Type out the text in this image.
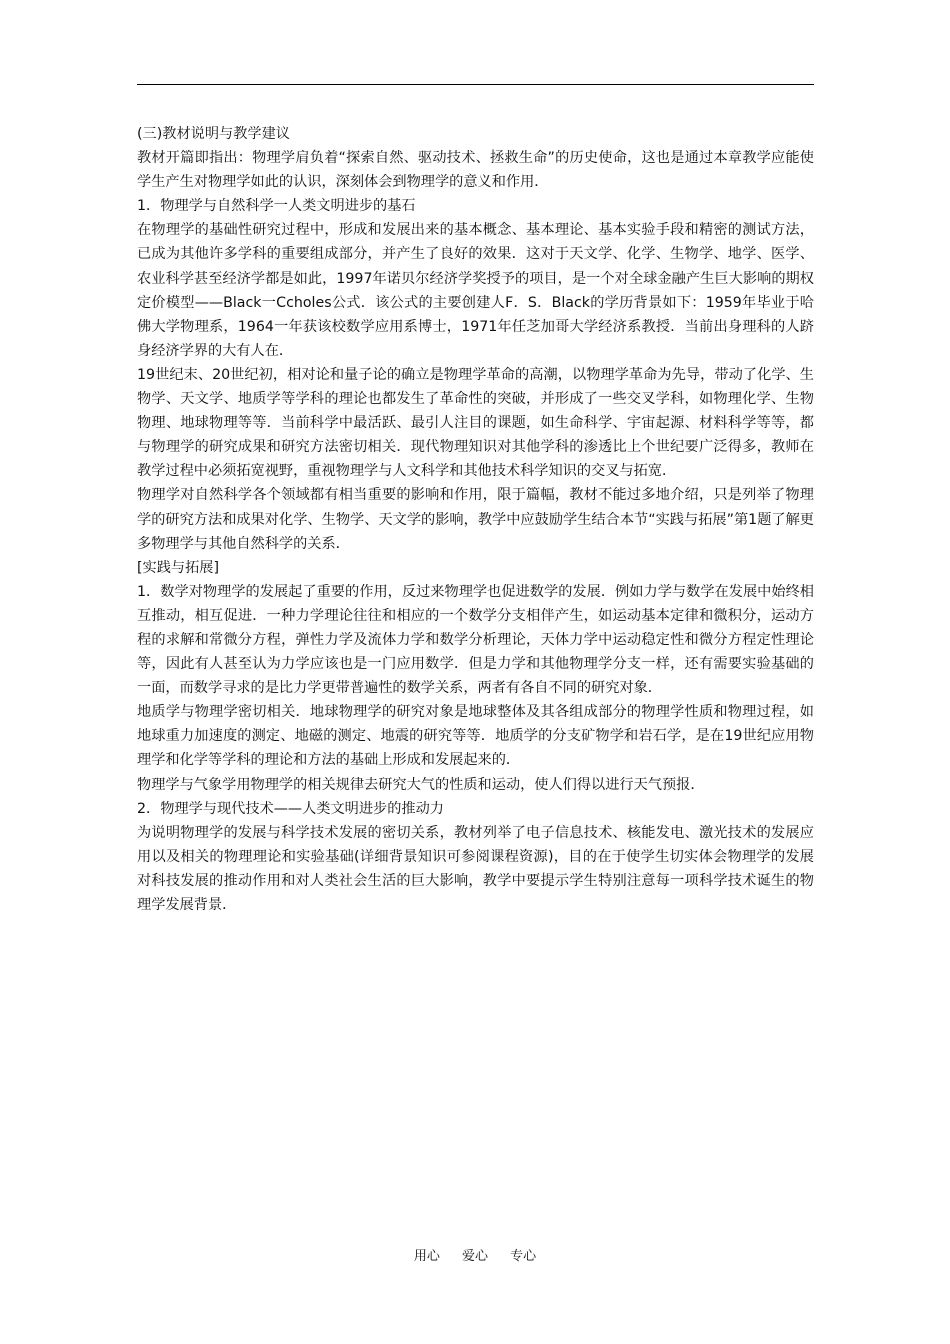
(三)教材说明与教学建议

教材开篇即指出：物理学肩负着“探索自然、驱动技术、拯救生命”的历史使命，这也是通过本章教学应能使学生产生对物理学如此的认识，深刻体会到物理学的意义和作用．

1．物理学与自然科学一人类文明进步的基石

在物理学的基础性研究过程中，形成和发展出来的基本概念、基本理论、基本实验手段和精密的测试方法，已成为其他许多学科的重要组成部分，并产生了良好的效果．这对于天文学、化学、生物学、地学、医学、农业科学甚至经济学都是如此，1997年诺贝尔经济学奖授予的项目，是一个对全球金融产生巨大影响的期权定价模型——Black一Ccholes公式．该公式的主要创建人F．S．Black的学历背景如下：1959年毕业于哈佛大学物理系，1964一年获该校数学应用系博士，1971年任芝加哥大学经济系教授．当前出身理科的人跻身经济学界的大有人在．

19世纪末、20世纪初，相对论和量子论的确立是物理学革命的高潮，以物理学革命为先导，带动了化学、生物学、天文学、地质学等学科的理论也都发生了革命性的突破，并形成了一些交叉学科，如物理化学、生物物理、地球物理等等．当前科学中最活跃、最引人注目的课题，如生命科学、宇宙起源、材料科学等等，都与物理学的研究成果和研究方法密切相关．现代物理知识对其他学科的渗透比上个世纪要广泛得多，教师在教学过程中必须拓宽视野，重视物理学与人文科学和其他技术科学知识的交叉与拓宽．

物理学对自然科学各个领域都有相当重要的影响和作用，限于篇幅，教材不能过多地介绍，只是列举了物理学的研究方法和成果对化学、生物学、天文学的影响，教学中应鼓励学生结合本节“实践与拓展”第1题了解更多物理学与其他自然科学的关系．

[实践与拓展]

1．数学对物理学的发展起了重要的作用，反过来物理学也促进数学的发展．例如力学与数学在发展中始终相互推动，相互促进．一种力学理论往往和相应的一个数学分支相伴产生，如运动基本定律和微积分，运动方程的求解和常微分方程，弹性力学及流体力学和数学分析理论，天体力学中运动稳定性和微分方程定性理论等，因此有人甚至认为力学应该也是一门应用数学．但是力学和其他物理学分支一样，还有需要实验基础的一面，而数学寻求的是比力学更带普遍性的数学关系，两者有各自不同的研究对象．

地质学与物理学密切相关．地球物理学的研究对象是地球整体及其各组成部分的物理学性质和物理过程，如地球重力加速度的测定、地磁的测定、地震的研究等等．地质学的分支矿物学和岩石学，是在19世纪应用物理学和化学等学科的理论和方法的基础上形成和发展起来的．

物理学与气象学用物理学的相关规律去研究大气的性质和运动，使人们得以进行天气预报．

2．物理学与现代技术——人类文明进步的推动力

为说明物理学的发展与科学技术发展的密切关系，教材列举了电子信息技术、核能发电、激光技术的发展应用以及相关的物理理论和实验基础(详细背景知识可参阅课程资源)，目的在于使学生切实体会物理学的发展对科技发展的推动作用和对人类社会生活的巨大影响，教学中要提示学生特别注意每一项科学技术诞生的物理学发展背景．

用心 爱心 专心
